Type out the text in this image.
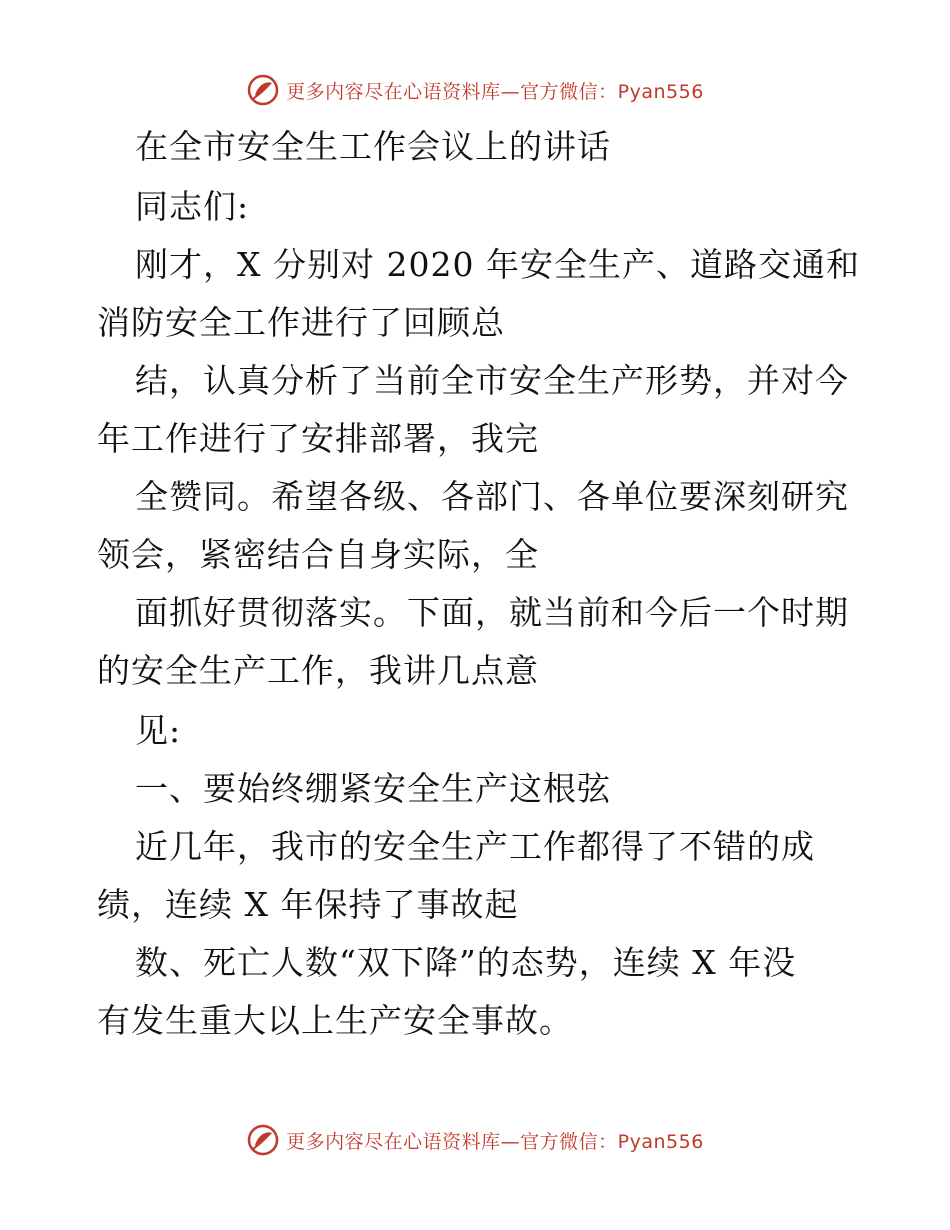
更多内容尽在心语资料库—官方微信：Pyan556
在全市安全生工作会议上的讲话
同志们:
刚才，X 分别对 2020 年安全生产、道路交通和
消防安全工作进行了回顾总
结，认真分析了当前全市安全生产形势，并对今
年工作进行了安排部署，我完
全赞同。希望各级、各部门、各单位要深刻研究
领会，紧密结合自身实际，全
面抓好贯彻落实。下面，就当前和今后一个时期
的安全生产工作，我讲几点意
见:
一、要始终绷紧安全生产这根弦
近几年，我市的安全生产工作都得了不错的成
绩，连续 X 年保持了事故起
数、死亡人数“双下降”的态势，连续 X 年没
有发生重大以上生产安全事故。
更多内容尽在心语资料库—官方微信：Pyan556
